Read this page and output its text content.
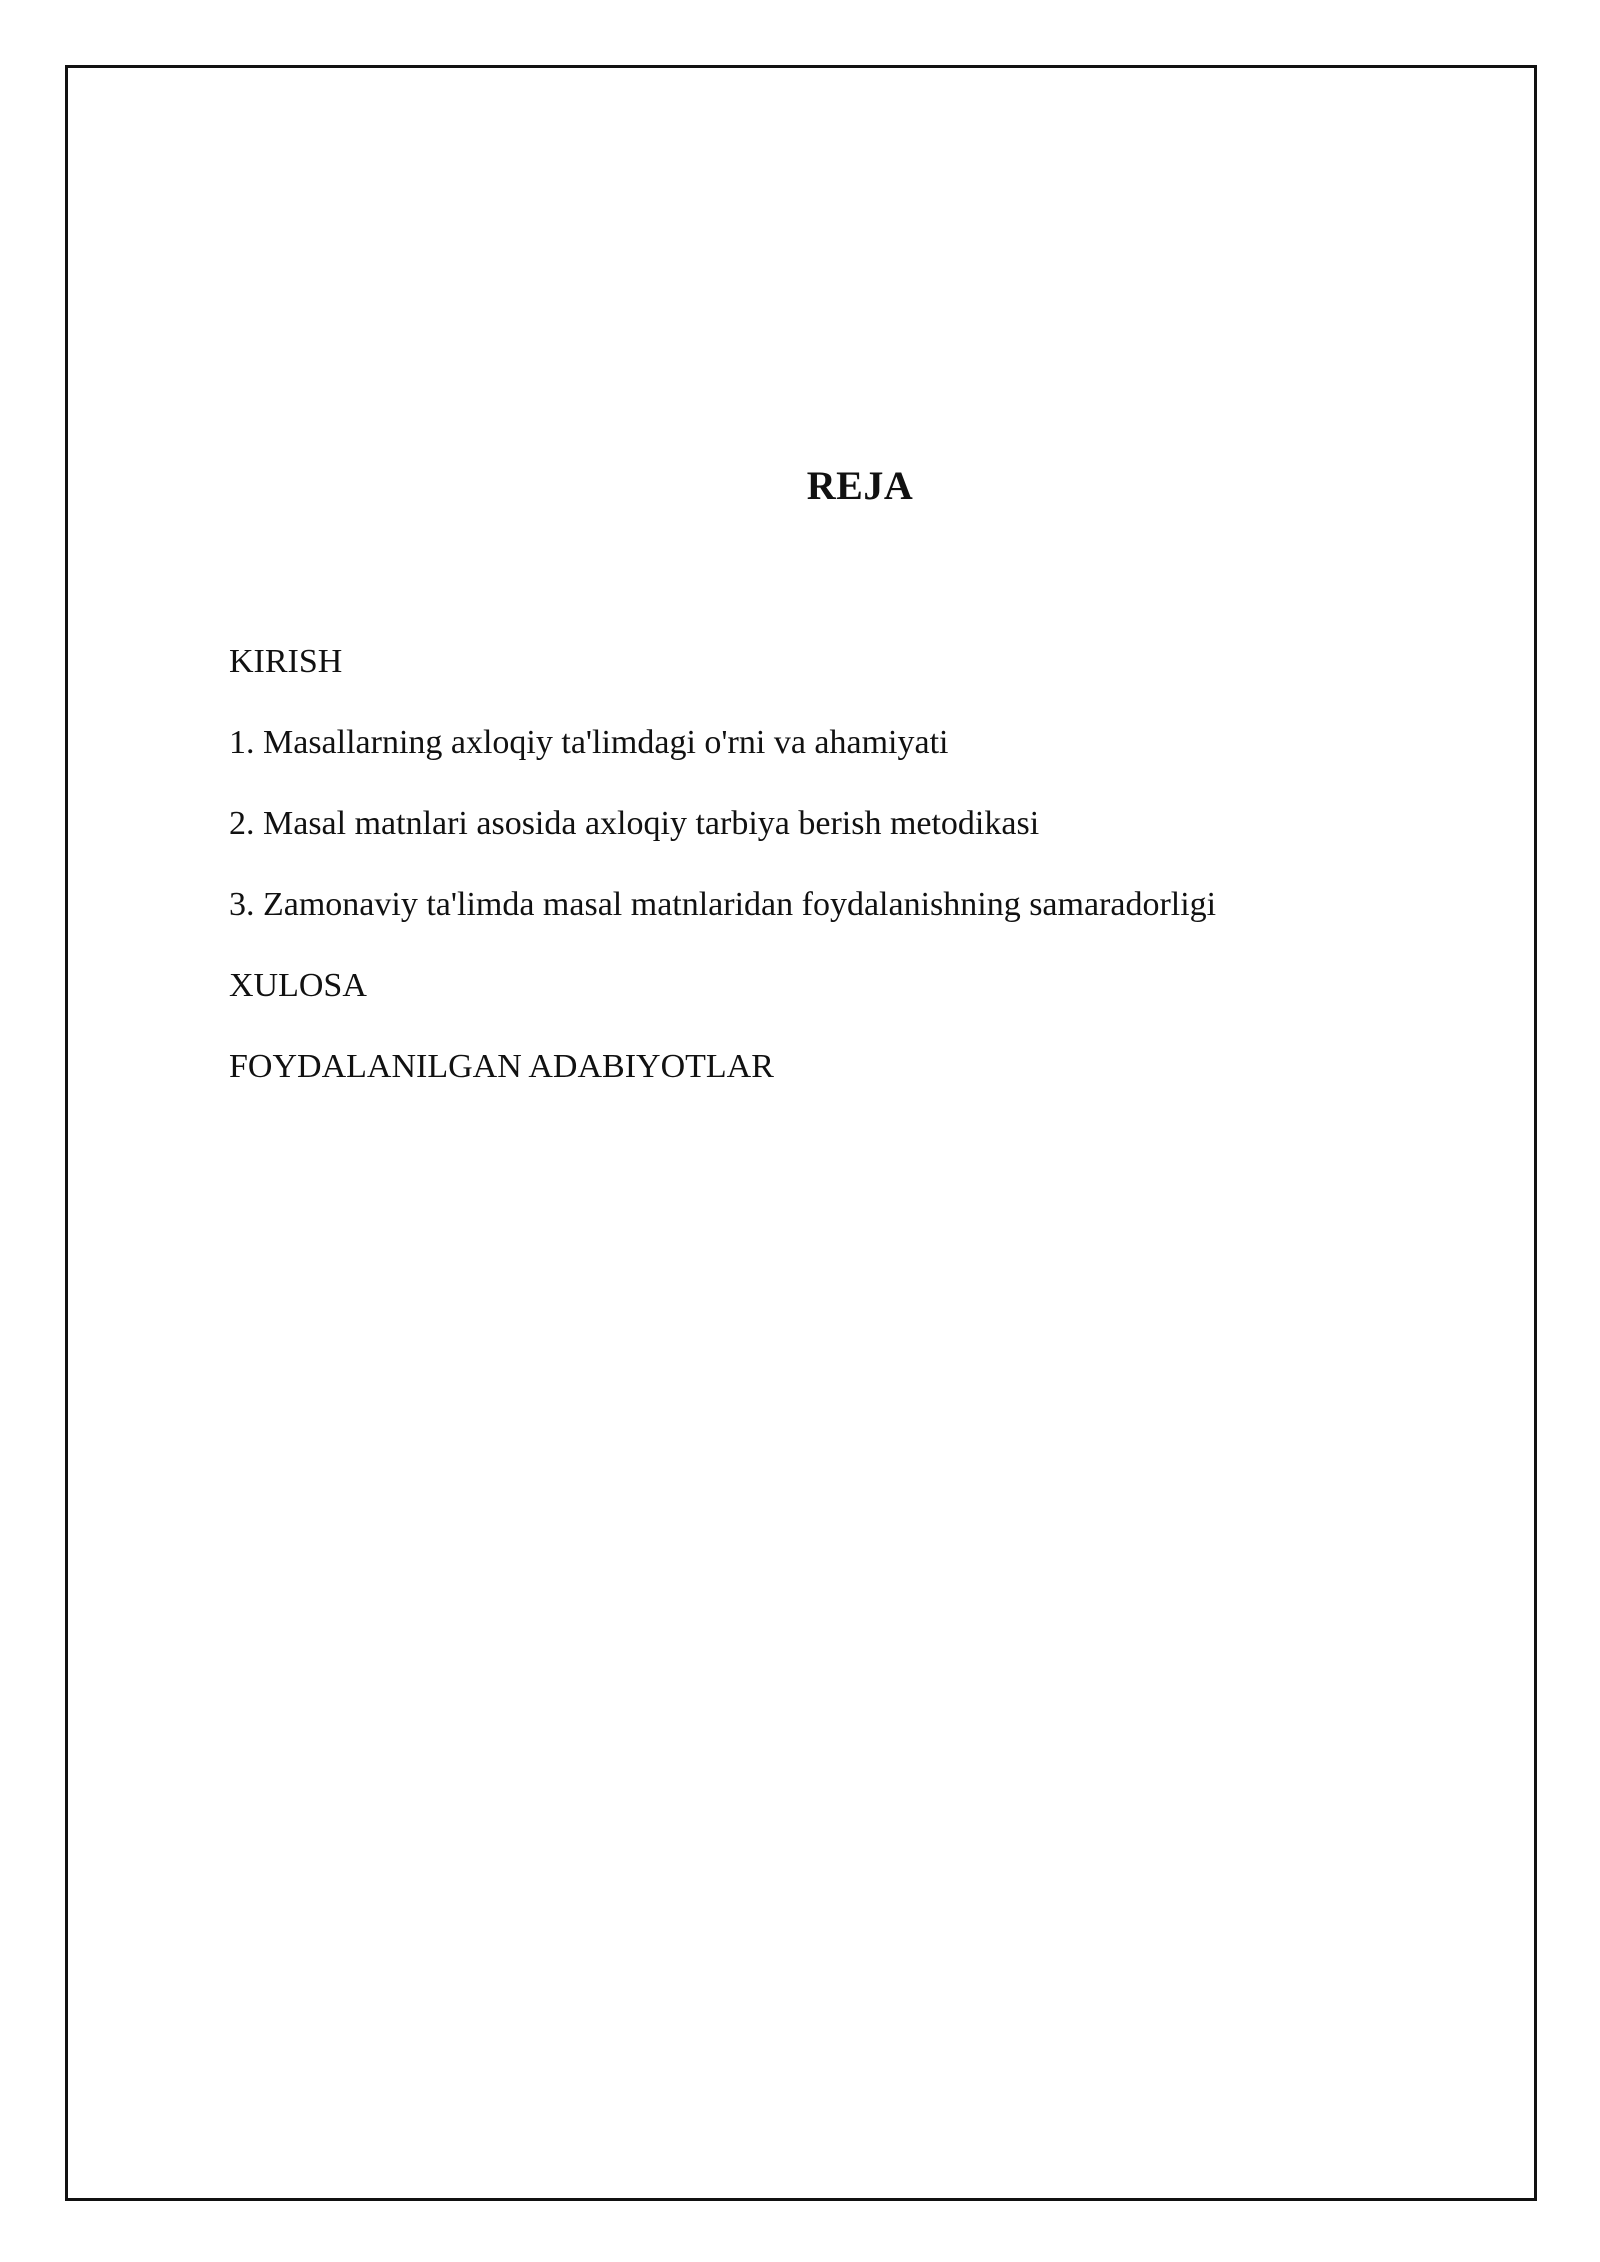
REJA
KIRISH
1. Masallarning axloqiy ta'limdagi o'rni va ahamiyati
2. Masal matnlari asosida axloqiy tarbiya berish metodikasi
3. Zamonaviy ta'limda masal matnlaridan foydalanishning samaradorligi
XULOSA
FOYDALANILGAN ADABIYOTLAR
